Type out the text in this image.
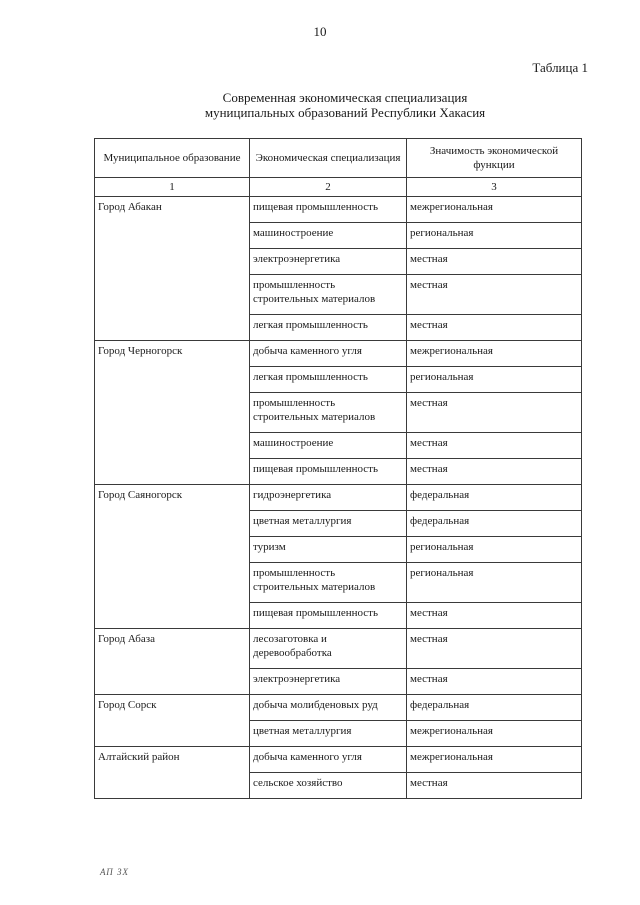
10
Таблица 1
Современная экономическая специализация
муниципальных образований Республики Хакасия
Муниципальное образование	Экономическая специализация	Значимость экономической функции
1	2	3
Город Абакан	пищевая промышленность	межрегиональная
	машиностроение	региональная
	электроэнергетика	местная
	промышленность строительных материалов	местная
	легкая промышленность	местная
Город Черногорск	добыча каменного угля	межрегиональная
	легкая промышленность	региональная
	промышленность строительных материалов	местная
	машиностроение	местная
	пищевая промышленность	местная
Город Саяногорск	гидроэнергетика	федеральная
	цветная металлургия	федеральная
	туризм	региональная
	промышленность строительных материалов	региональная
	пищевая промышленность	местная
Город Абаза	лесозаготовка и деревообработка	местная
	электроэнергетика	местная
Город Сорск	добыча молибденовых руд	федеральная
	цветная металлургия	межрегиональная
Алтайский район	добыча каменного угля	межрегиональная
	сельское хозяйство	местная
АП ЗХ
